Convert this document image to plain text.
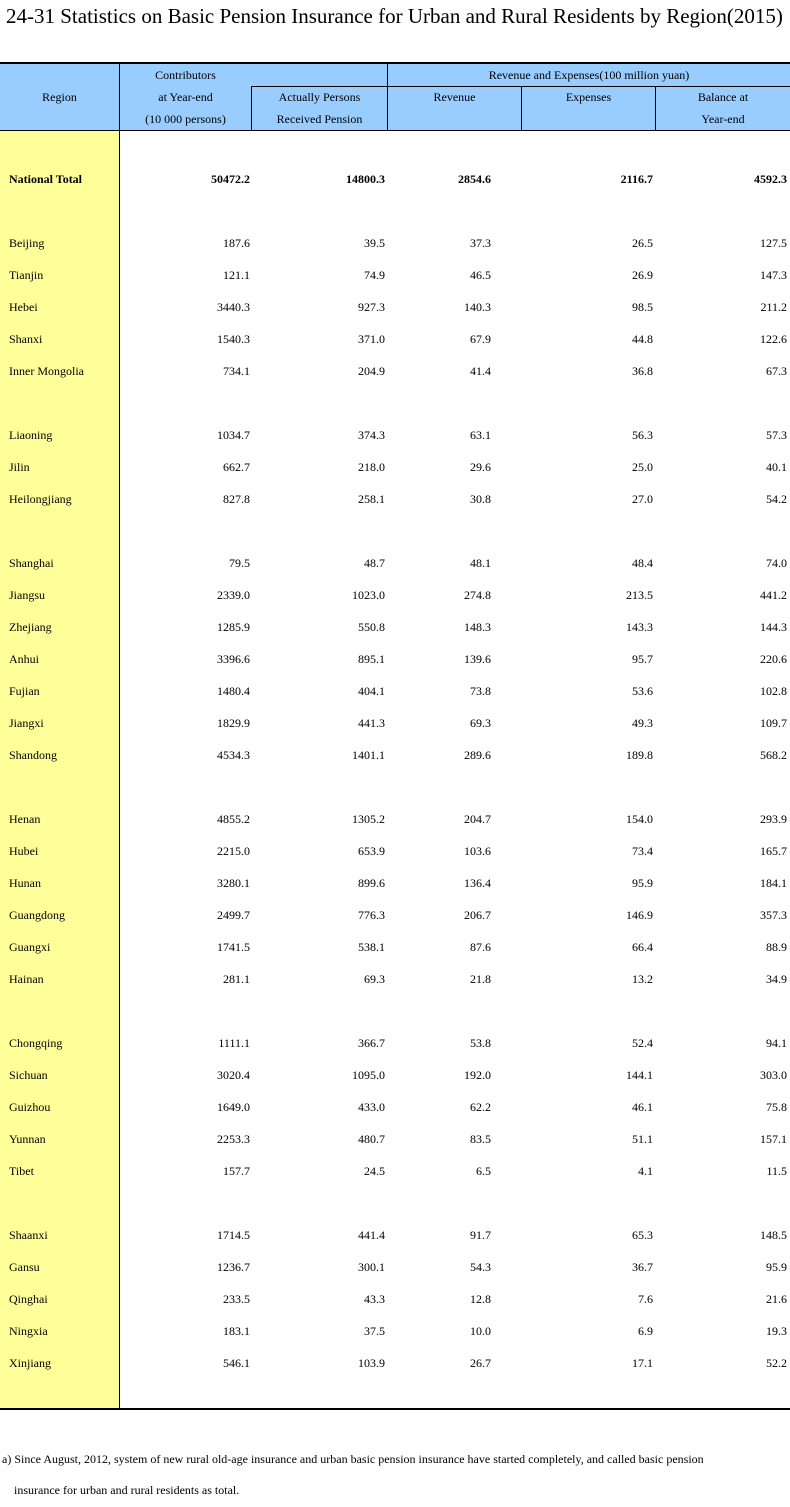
24-31 Statistics on Basic Pension Insurance for Urban and Rural Residents by Region(2015)
Region
Contributors
at Year-end
(10 000 persons)
Actually Persons
Received Pension
Revenue and Expenses(100 million yuan)
Revenue	Expenses	Balance at
Year-end
National Total	50472.2	14800.3	2854.6	2116.7	4592.3
Beijing	187.6	39.5	37.3	26.5	127.5
Tianjin	121.1	74.9	46.5	26.9	147.3
Hebei	3440.3	927.3	140.3	98.5	211.2
Shanxi	1540.3	371.0	67.9	44.8	122.6
Inner Mongolia	734.1	204.9	41.4	36.8	67.3
Liaoning	1034.7	374.3	63.1	56.3	57.3
Jilin	662.7	218.0	29.6	25.0	40.1
Heilongjiang	827.8	258.1	30.8	27.0	54.2
Shanghai	79.5	48.7	48.1	48.4	74.0
Jiangsu	2339.0	1023.0	274.8	213.5	441.2
Zhejiang	1285.9	550.8	148.3	143.3	144.3
Anhui	3396.6	895.1	139.6	95.7	220.6
Fujian	1480.4	404.1	73.8	53.6	102.8
Jiangxi	1829.9	441.3	69.3	49.3	109.7
Shandong	4534.3	1401.1	289.6	189.8	568.2
Henan	4855.2	1305.2	204.7	154.0	293.9
Hubei	2215.0	653.9	103.6	73.4	165.7
Hunan	3280.1	899.6	136.4	95.9	184.1
Guangdong	2499.7	776.3	206.7	146.9	357.3
Guangxi	1741.5	538.1	87.6	66.4	88.9
Hainan	281.1	69.3	21.8	13.2	34.9
Chongqing	1111.1	366.7	53.8	52.4	94.1
Sichuan	3020.4	1095.0	192.0	144.1	303.0
Guizhou	1649.0	433.0	62.2	46.1	75.8
Yunnan	2253.3	480.7	83.5	51.1	157.1
Tibet	157.7	24.5	6.5	4.1	11.5
Shaanxi	1714.5	441.4	91.7	65.3	148.5
Gansu	1236.7	300.1	54.3	36.7	95.9
Qinghai	233.5	43.3	12.8	7.6	21.6
Ningxia	183.1	37.5	10.0	6.9	19.3
Xinjiang	546.1	103.9	26.7	17.1	52.2
a) Since August, 2012, system of new rural old-age insurance and urban basic pension insurance have started completely, and called basic pension
insurance for urban and rural residents as total.
